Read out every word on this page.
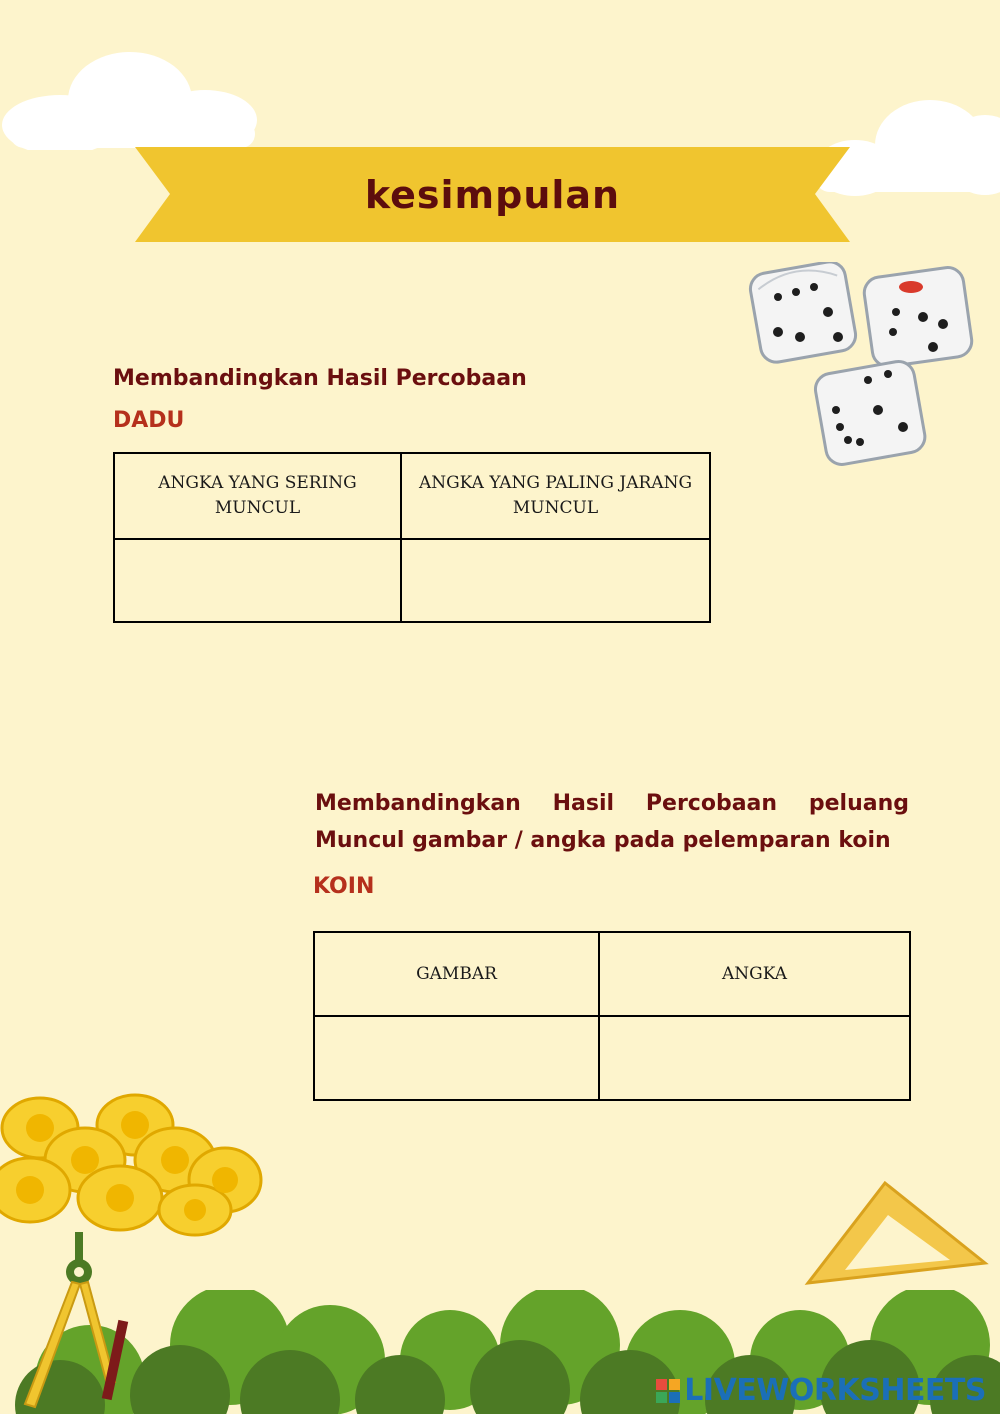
kesimpulan
Membandingkan Hasil Percobaan
DADU
ANGKA YANG SERING MUNCUL	ANGKA YANG PALING JARANG MUNCUL

Membandingkan Hasil Percobaan peluang
Muncul gambar / angka pada pelemparan koin
KOIN
GAMBAR	ANGKA

LIVEWORKSHEETS
